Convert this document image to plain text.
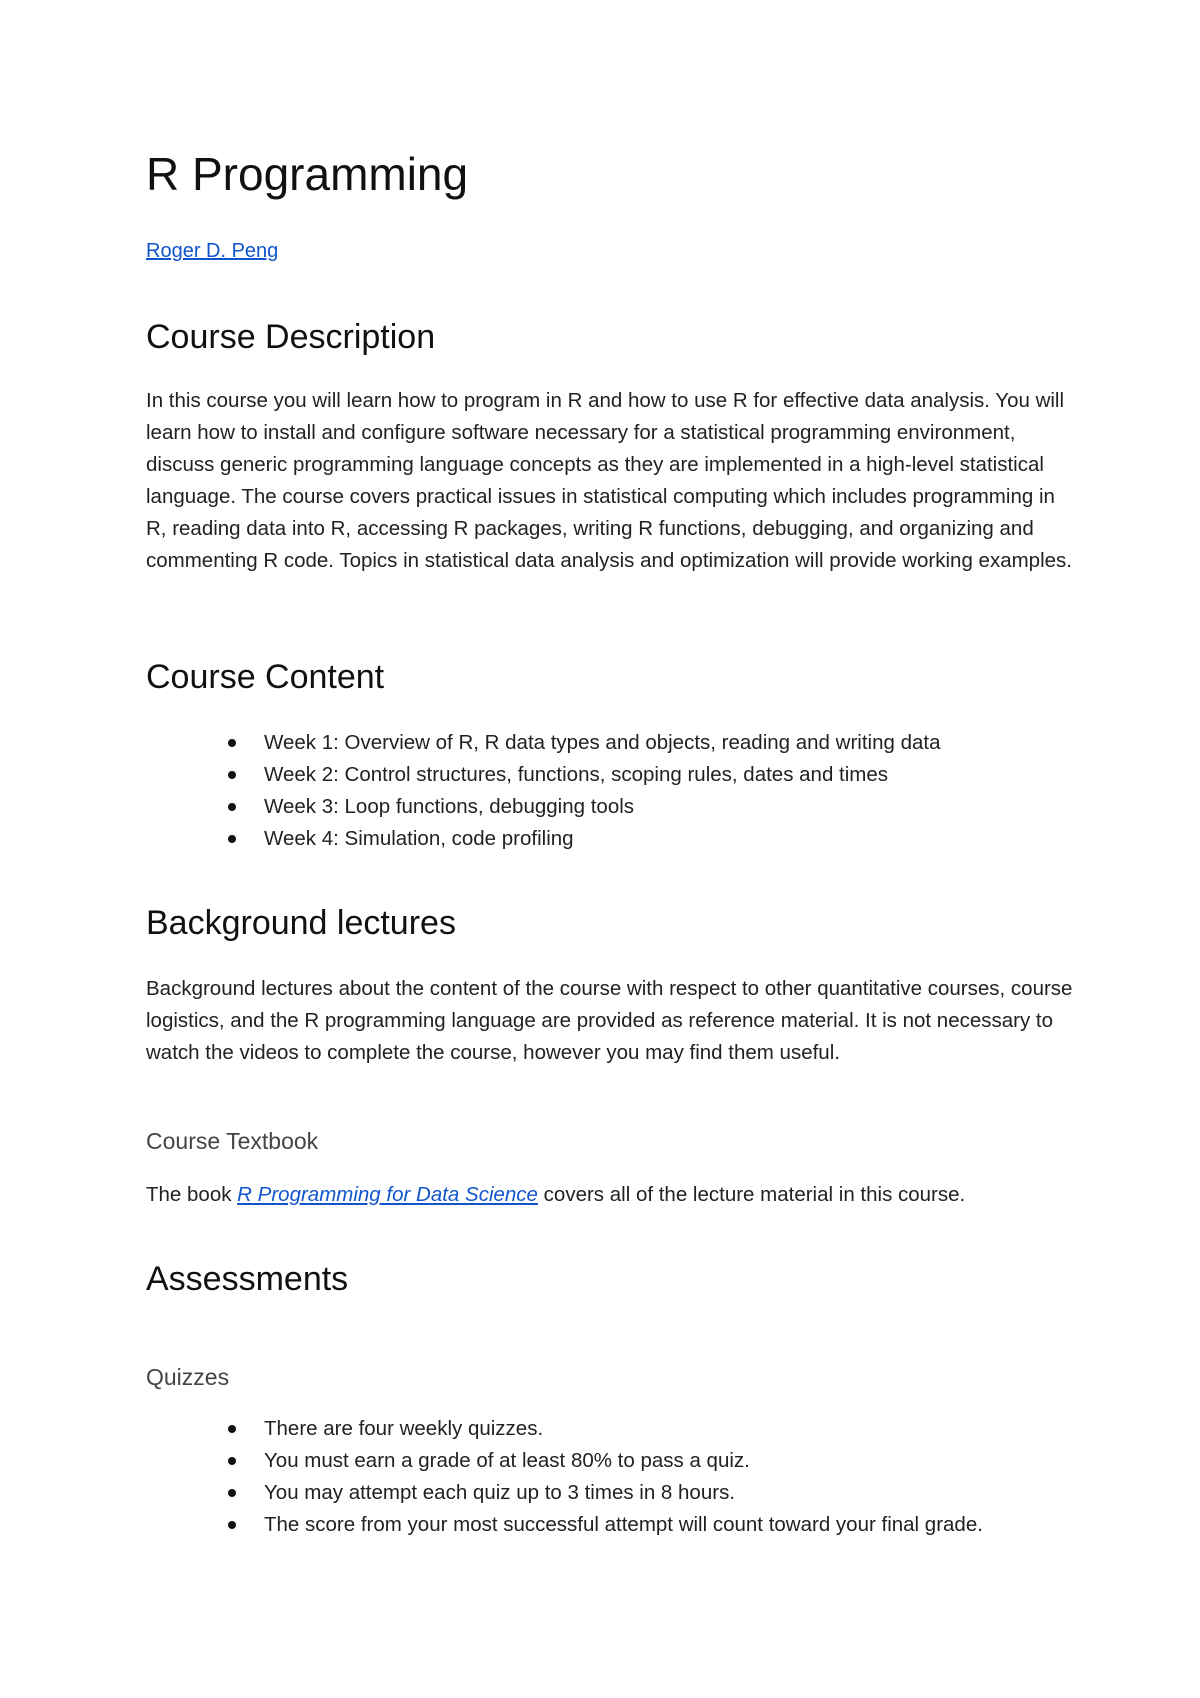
R Programming
Roger D. Peng
Course Description

In this course you will learn how to program in R and how to use R for effective data analysis. You will learn how to install and configure software necessary for a statistical programming environment, discuss generic programming language concepts as they are implemented in a high-level statistical language. The course covers practical issues in statistical computing which includes programming in R, reading data into R, accessing R packages, writing R functions, debugging, and organizing and commenting R code. Topics in statistical data analysis and optimization will provide working examples.

Course Content
Week 1: Overview of R, R data types and objects, reading and writing data
Week 2: Control structures, functions, scoping rules, dates and times
Week 3: Loop functions, debugging tools
Week 4: Simulation, code profiling
Background lectures

Background lectures about the content of the course with respect to other quantitative courses, course logistics, and the R programming language are provided as reference material. It is not necessary to watch the videos to complete the course, however you may find them useful.

Course Textbook

The book R Programming for Data Science covers all of the lecture material in this course.

Assessments
Quizzes
There are four weekly quizzes.
You must earn a grade of at least 80% to pass a quiz.
You may attempt each quiz up to 3 times in 8 hours.
The score from your most successful attempt will count toward your final grade.
